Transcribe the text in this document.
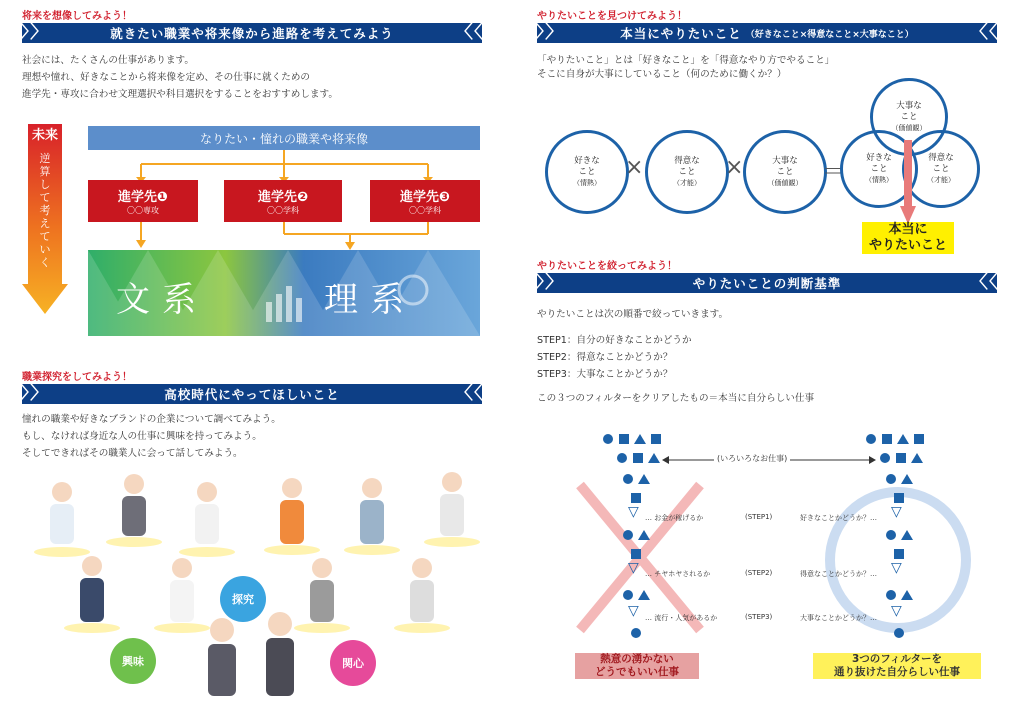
将来を想像してみよう！
〉〉	就きたい職業や将来像から進路を考えてみよう	〈〈
社会には、たくさんの仕事があります。
理想や憧れ、好きなことから将来像を定め、その仕事に就くための
進学先・専攻に合わせ文理選択や科目選択をすることをおすすめします。
未来
逆算して考えていく
現在
なりたい・憧れの職業や将来像
進学先❶
〇〇専攻
進学先❷
〇〇学科
進学先❸
〇〇学科
文系	理系
職業探究をしてみよう！
〉〉	高校時代にやってほしいこと	〈〈
憧れの職業や好きなブランドの企業について調べてみよう。
もし、なければ身近な人の仕事に興味を持ってみよう。
そしてできればその職業人に会って話してみよう。
興味
探究
関心
やりたいことを見つけてみよう！
〉〉	本当にやりたいこと （好きなこと×得意なこと×大事なこと）	〈〈
「やりたいこと」とは「好きなこと」を「得意なやり方でやること」
そこに自身が大事にしていること（何のために働くか？）
好きな
こと
（情熱）
×	得意な
こと
（才能）
×	大事な
こと
（価値観） ＝
大事な
こと
（価値観）
好きな
こと
（情熱）
得意な
こと
（才能）
本当に
やりたいこと
やりたいことを絞ってみよう！
〉〉	やりたいことの判断基準	〈〈
やりたいことは次の順番で絞っていきます。
STEP1：自分の好きなことかどうか
STEP2：得意なことかどうか？
STEP3：大事なことかどうか？
この３つのフィルターをクリアしたもの＝本当に自分らしい仕事
▽ … お金が稼げるか
▽ … チヤホヤされるか
▽ … 流行・人気があるか
(いろいろなお仕事)
(STEP1)
(STEP2)
(STEP3)
好きなことかどうか？… ▽
得意なことかどうか？… ▽
大事なことかどうか？… ▽
熱意の湧かない
どうでもいい仕事
3つのフィルターを
通り抜けた自分らしい仕事
